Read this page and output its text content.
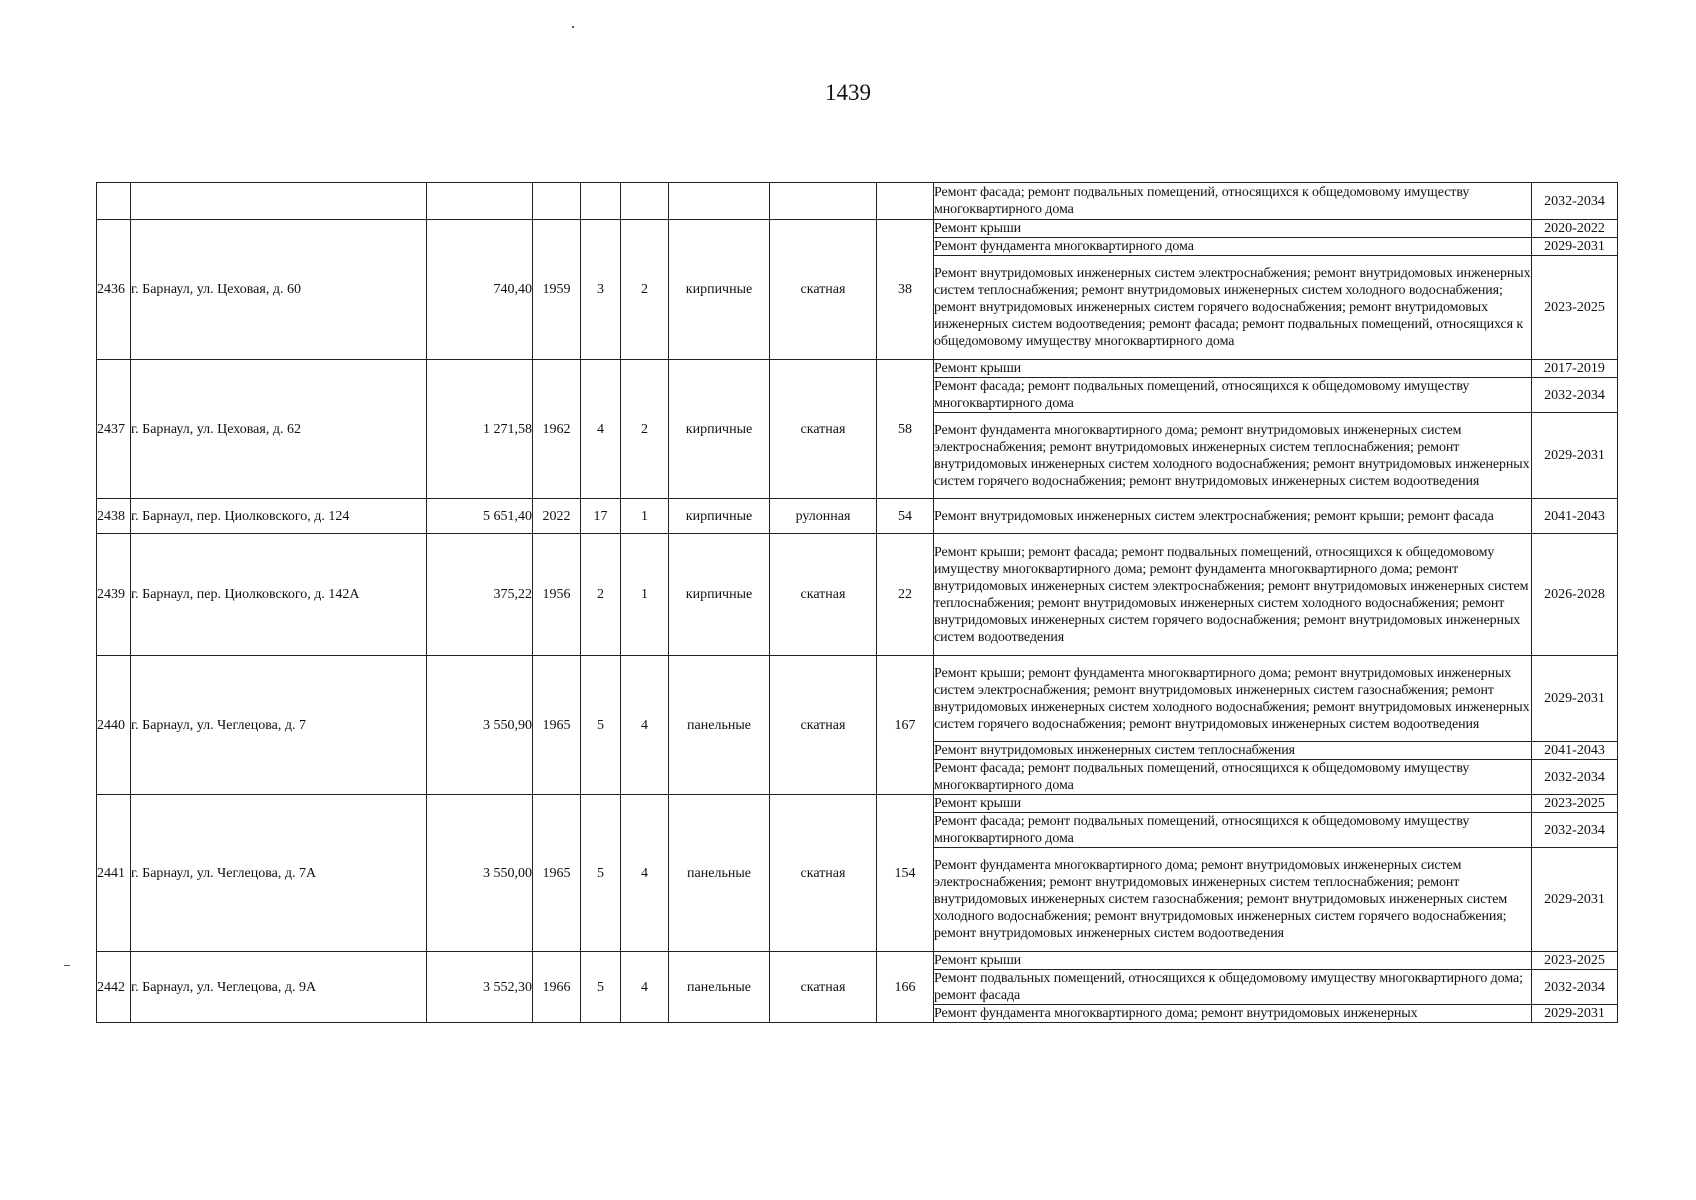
1439
									Ремонт фасада; ремонт подвальных помещений, относящихся к общедомовому имуществу многоквартирного дома	2032-2034
2436	г. Барнаул, ул. Цеховая, д. 60	740,40	1959	3	2	кирпичные	скатная	38	Ремонт крыши	2020-2022
									Ремонт фундамента многоквартирного дома	2029-2031
									Ремонт внутридомовых инженерных систем электроснабжения; ремонт внутридомовых инженерных систем теплоснабжения; ремонт внутридомовых инженерных систем холодного водоснабжения; ремонт внутридомовых инженерных систем горячего водоснабжения; ремонт внутридомовых инженерных систем водоотведения; ремонт фасада; ремонт подвальных помещений, относящихся к общедомовому имуществу многоквартирного дома	2023-2025
2437	г. Барнаул, ул. Цеховая, д. 62	1 271,58	1962	4	2	кирпичные	скатная	58	Ремонт крыши	2017-2019
									Ремонт фасада; ремонт подвальных помещений, относящихся к общедомовому имуществу многоквартирного дома	2032-2034
									Ремонт фундамента многоквартирного дома; ремонт внутридомовых инженерных систем электроснабжения; ремонт внутридомовых инженерных систем теплоснабжения; ремонт внутридомовых инженерных систем холодного водоснабжения; ремонт внутридомовых инженерных систем горячего водоснабжения; ремонт внутридомовых инженерных систем водоотведения	2029-2031
2438	г. Барнаул, пер. Циолковского, д. 124	5 651,40	2022	17	1	кирпичные	рулонная	54	Ремонт внутридомовых инженерных систем электроснабжения; ремонт крыши; ремонт фасада	2041-2043
2439	г. Барнаул, пер. Циолковского, д. 142А	375,22	1956	2	1	кирпичные	скатная	22	Ремонт крыши; ремонт фасада; ремонт подвальных помещений, относящихся к общедомовому имуществу многоквартирного дома; ремонт фундамента многоквартирного дома; ремонт внутридомовых инженерных систем электроснабжения; ремонт внутридомовых инженерных систем теплоснабжения; ремонт внутридомовых инженерных систем холодного водоснабжения; ремонт внутридомовых инженерных систем горячего водоснабжения; ремонт внутридомовых инженерных систем водоотведения	2026-2028
2440	г. Барнаул, ул. Чеглецова, д. 7	3 550,90	1965	5	4	панельные	скатная	167	Ремонт крыши; ремонт фундамента многоквартирного дома; ремонт внутридомовых инженерных систем электроснабжения; ремонт внутридомовых инженерных систем газоснабжения; ремонт внутридомовых инженерных систем холодного водоснабжения; ремонт внутридомовых инженерных систем горячего водоснабжения; ремонт внутридомовых инженерных систем водоотведения	2029-2031
									Ремонт внутридомовых инженерных систем теплоснабжения	2041-2043
									Ремонт фасада; ремонт подвальных помещений, относящихся к общедомовому имуществу многоквартирного дома	2032-2034
2441	г. Барнаул, ул. Чеглецова, д. 7А	3 550,00	1965	5	4	панельные	скатная	154	Ремонт крыши	2023-2025
									Ремонт фасада; ремонт подвальных помещений, относящихся к общедомовому имуществу многоквартирного дома	2032-2034
									Ремонт фундамента многоквартирного дома; ремонт внутридомовых инженерных систем электроснабжения; ремонт внутридомовых инженерных систем теплоснабжения; ремонт внутридомовых инженерных систем газоснабжения; ремонт внутридомовых инженерных систем холодного водоснабжения; ремонт внутридомовых инженерных систем горячего водоснабжения; ремонт внутридомовых инженерных систем водоотведения	2029-2031
2442	г. Барнаул, ул. Чеглецова, д. 9А	3 552,30	1966	5	4	панельные	скатная	166	Ремонт крыши	2023-2025
									Ремонт подвальных помещений, относящихся к общедомовому имуществу многоквартирного дома; ремонт фасада	2032-2034
									Ремонт фундамента многоквартирного дома; ремонт внутридомовых инженерных	2029-2031
